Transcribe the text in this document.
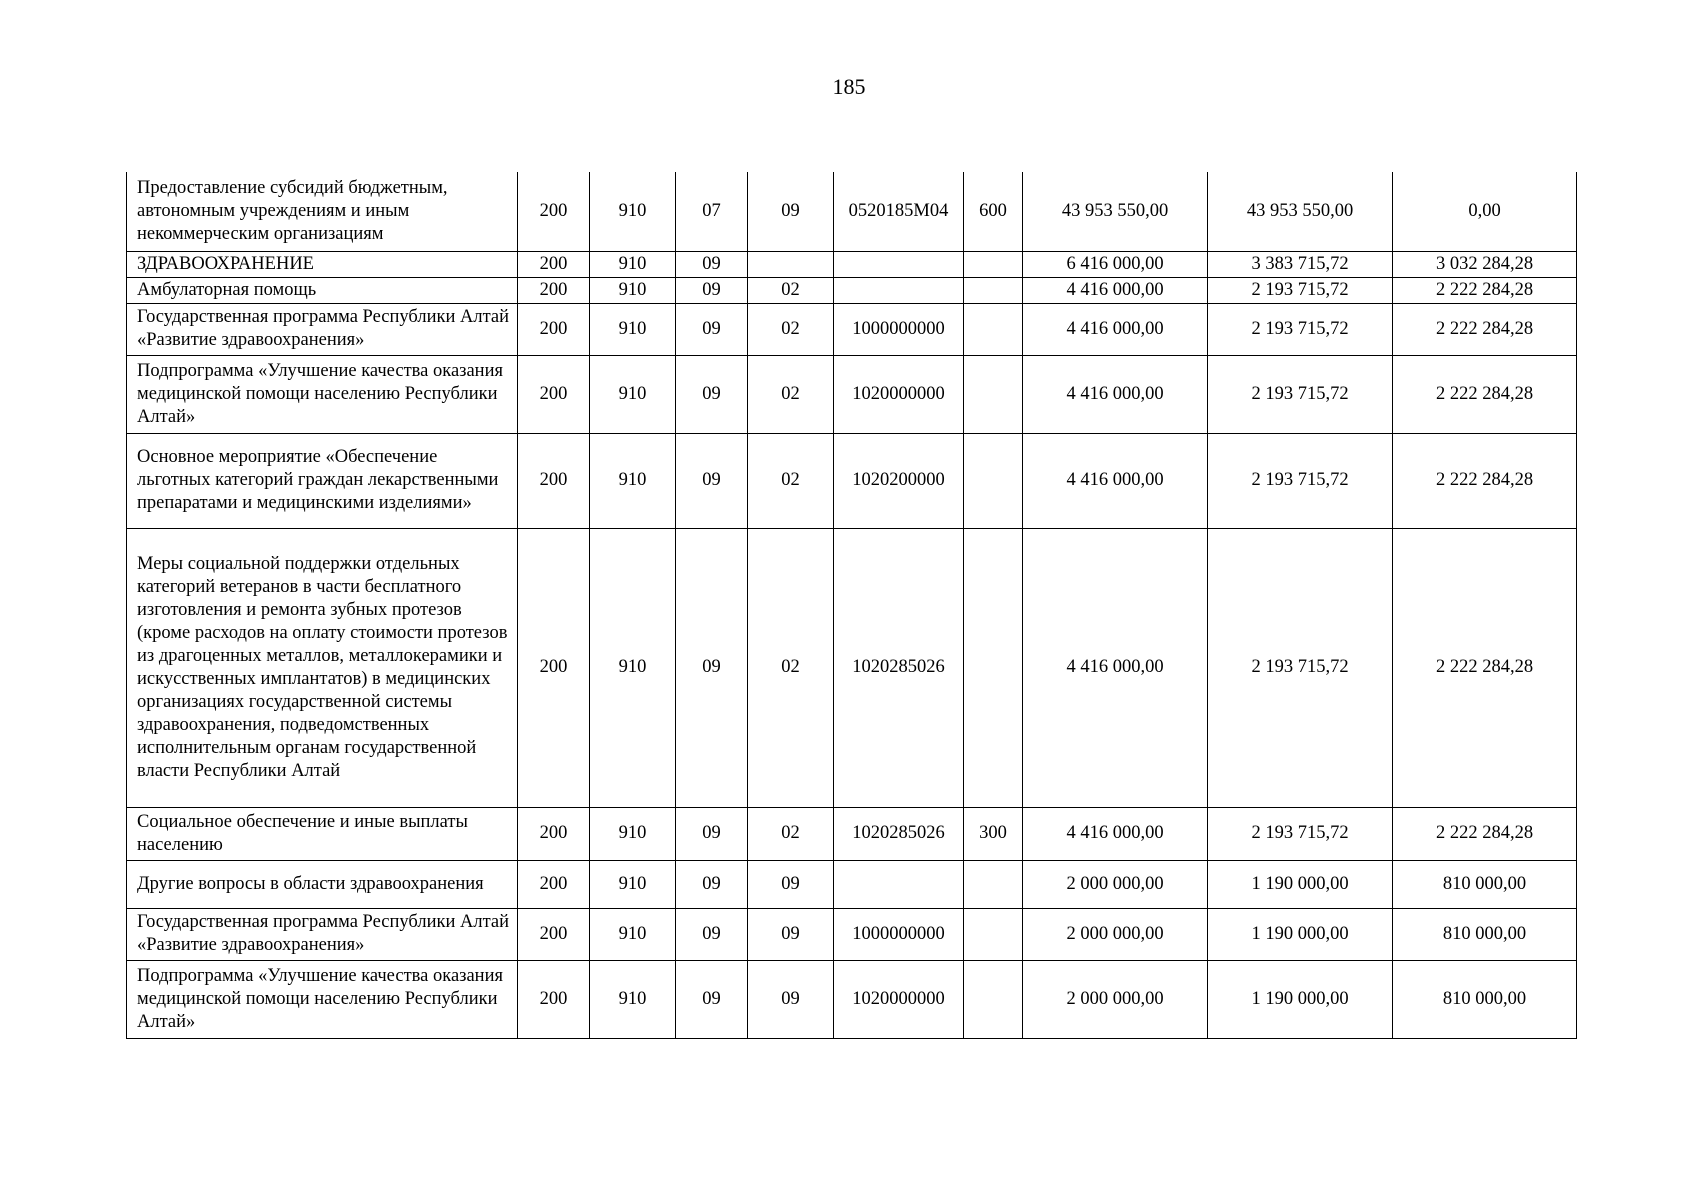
185
Предоставление субсидий бюджетным, автономным учреждениям и иным некоммерческим организациям	200	910	07	09	0520185М04	600	43 953 550,00	43 953 550,00	0,00
ЗДРАВООХРАНЕНИЕ	200	910	09				6 416 000,00	3 383 715,72	3 032 284,28
Амбулаторная помощь	200	910	09	02			4 416 000,00	2 193 715,72	2 222 284,28
Государственная программа Республики Алтай «Развитие здравоохранения»	200	910	09	02	1000000000		4 416 000,00	2 193 715,72	2 222 284,28
Подпрограмма «Улучшение качества оказания медицинской помощи населению Республики Алтай»	200	910	09	02	1020000000		4 416 000,00	2 193 715,72	2 222 284,28
Основное мероприятие «Обеспечение льготных категорий граждан лекарственными препаратами и медицинскими изделиями»	200	910	09	02	1020200000		4 416 000,00	2 193 715,72	2 222 284,28
Меры социальной поддержки отдельных категорий ветеранов в части бесплатного изготовления и ремонта зубных протезов (кроме расходов на оплату стоимости протезов из драгоценных металлов, металлокерамики и искусственных имплантатов) в медицинских организациях государственной системы здравоохранения, подведомственных исполнительным органам государственной власти Республики Алтай	200	910	09	02	1020285026		4 416 000,00	2 193 715,72	2 222 284,28
Социальное обеспечение и иные выплаты населению	200	910	09	02	1020285026	300	4 416 000,00	2 193 715,72	2 222 284,28
Другие вопросы в области здравоохранения	200	910	09	09			2 000 000,00	1 190 000,00	810 000,00
Государственная программа Республики Алтай «Развитие здравоохранения»	200	910	09	09	1000000000		2 000 000,00	1 190 000,00	810 000,00
Подпрограмма «Улучшение качества оказания медицинской помощи населению Республики Алтай»	200	910	09	09	1020000000		2 000 000,00	1 190 000,00	810 000,00
